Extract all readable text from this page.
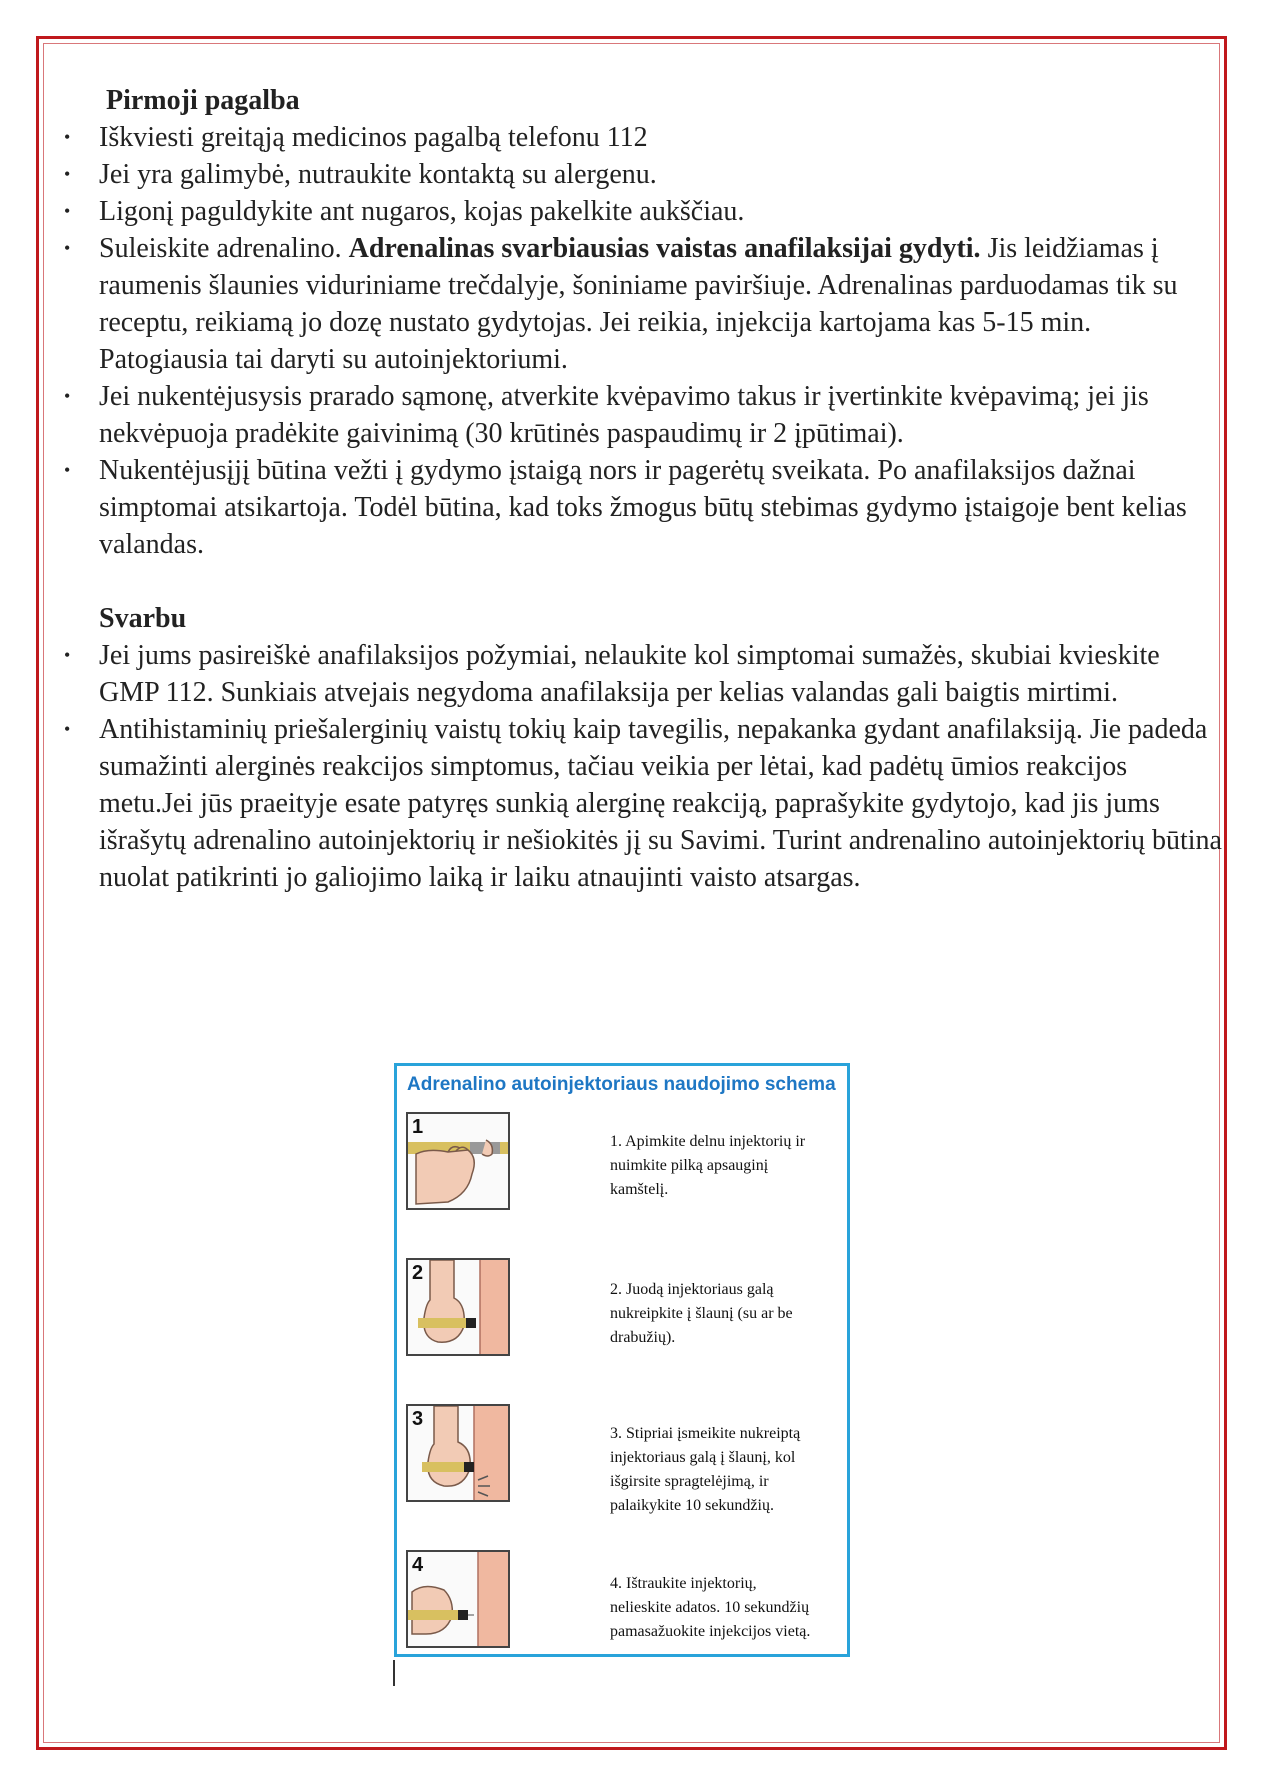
Pirmoji pagalba

• Iškviesti greitąją medicinos pagalbą telefonu 112
• Jei yra galimybė, nutraukite kontaktą su alergenu.
• Ligonį paguldykite ant nugaros, kojas pakelkite aukščiau.
• Suleiskite adrenalino. Adrenalinas svarbiausias vaistas anafilaksijai gydyti. Jis leidžiamas į raumenis šlaunies viduriniame trečdalyje, šoniniame paviršiuje. Adrenalinas parduodamas tik su receptu, reikiamą jo dozę nustato gydytojas. Jei reikia, injekcija kartojama kas 5-15 min. Patogiausia tai daryti su autoinjektoriumi.
• Jei nukentėjusysis prarado sąmonę, atverkite kvėpavimo takus ir įvertinkite kvėpavimą; jei jis nekvėpuoja pradėkite gaivinimą (30 krūtinės paspaudimų ir 2 įpūtimai).
• Nukentėjusįjį būtina vežti į gydymo įstaigą nors ir pagerėtų sveikata. Po anafilaksijos dažnai simptomai atsikartoja. Todėl būtina, kad toks žmogus būtų stebimas gydymo įstaigoje bent kelias valandas.

Svarbu

• Jei jums pasireiškė anafilaksijos požymiai, nelaukite kol simptomai sumažės, skubiai kvieskite GMP 112. Sunkiais atvejais negydoma anafilaksija per kelias valandas gali baigtis mirtimi.
• Antihistaminių priešalerginių vaistų tokių kaip tavegilis, nepakanka gydant anafilaksiją. Jie padeda sumažinti alerginės reakcijos simptomus, tačiau veikia per lėtai, kad padėtų ūmios reakcijos metu.Jei jūs praeityje esate patyręs sunkią alerginę reakciją, paprašykite gydytojo, kad jis jums išrašytų adrenalino autoinjektorių ir nešiokitės jį su Savimi. Turint andrenalino autoinjektorių būtina nuolat patikrinti jo galiojimo laiką ir laiku atnaujinti vaisto atsargas.
Adrenalino autoinjektoriaus naudojimo schema
1
1. Apimkite delnu injektorių ir nuimkite pilką apsauginį kamštelį.
2
2. Juodą injektoriaus galą nukreipkite į šlaunį (su ar be drabužių).
3
3. Stipriai įsmeikite nukreiptą injektoriaus galą į šlaunį, kol išgirsite spragtelėjimą, ir palaikykite 10 sekundžių.
4
4. Ištraukite injektorių, nelieskite adatos. 10 sekundžių pamasažuokite injekcijos vietą.
